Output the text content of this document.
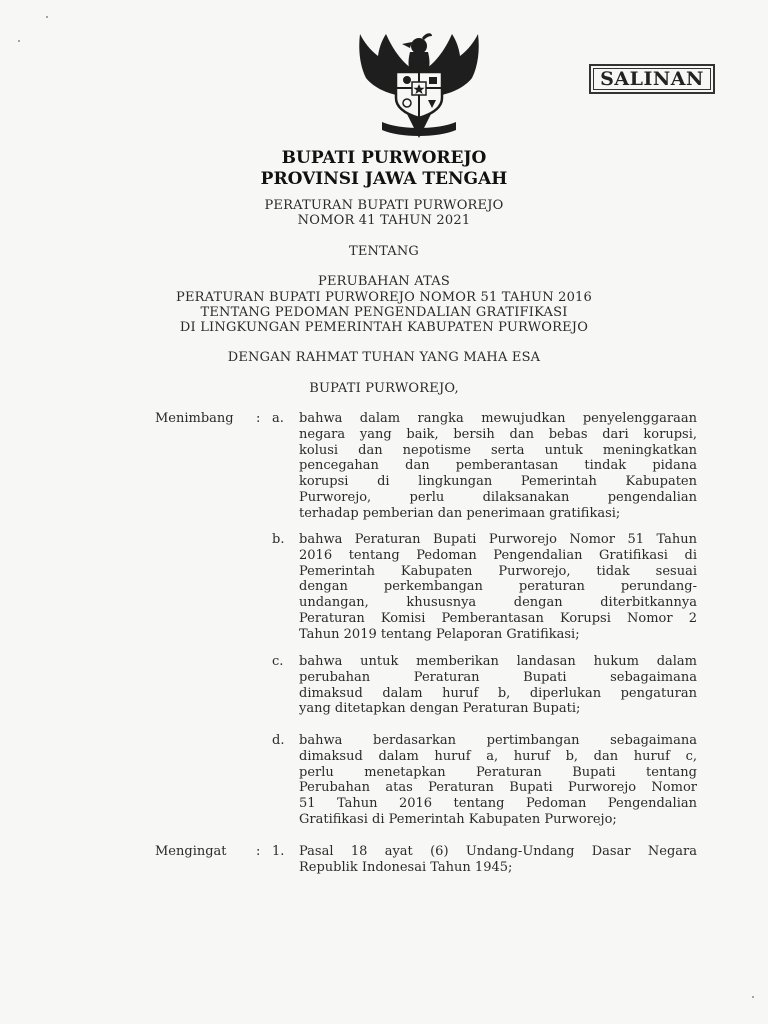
SALINAN
BUPATI PURWOREJO
PROVINSI JAWA TENGAH
PERATURAN BUPATI PURWOREJO
NOMOR 41 TAHUN 2021
TENTANG
PERUBAHAN ATAS
PERATURAN BUPATI PURWOREJO NOMOR 51 TAHUN 2016
TENTANG PEDOMAN PENGENDALIAN GRATIFIKASI
DI LINGKUNGAN PEMERINTAH KABUPATEN PURWOREJO
DENGAN RAHMAT TUHAN YANG MAHA ESA
BUPATI PURWOREJO,
Menimbang : a. bahwa dalam rangka mewujudkan penyelenggaraan
negara yang baik, bersih dan bebas dari korupsi,
kolusi dan nepotisme serta untuk meningkatkan
pencegahan dan pemberantasan tindak pidana
korupsi di lingkungan Pemerintah Kabupaten
Purworejo, perlu dilaksanakan pengendalian
terhadap pemberian dan penerimaan gratifikasi;
b. bahwa Peraturan Bupati Purworejo Nomor 51 Tahun
2016 tentang Pedoman Pengendalian Gratifikasi di
Pemerintah Kabupaten Purworejo, tidak sesuai
dengan perkembangan peraturan perundang-
undangan, khususnya dengan diterbitkannya
Peraturan Komisi Pemberantasan Korupsi Nomor 2
Tahun 2019 tentang Pelaporan Gratifikasi;
c. bahwa untuk memberikan landasan hukum dalam
perubahan Peraturan Bupati sebagaimana
dimaksud dalam huruf b, diperlukan pengaturan
yang ditetapkan dengan Peraturan Bupati;
d. bahwa berdasarkan pertimbangan sebagaimana
dimaksud dalam huruf a, huruf b, dan huruf c,
perlu menetapkan Peraturan Bupati tentang
Perubahan atas Peraturan Bupati Purworejo Nomor
51 Tahun 2016 tentang Pedoman Pengendalian
Gratifikasi di Pemerintah Kabupaten Purworejo;
Mengingat : 1. Pasal 18 ayat (6) Undang-Undang Dasar Negara
Republik Indonesai Tahun 1945;
